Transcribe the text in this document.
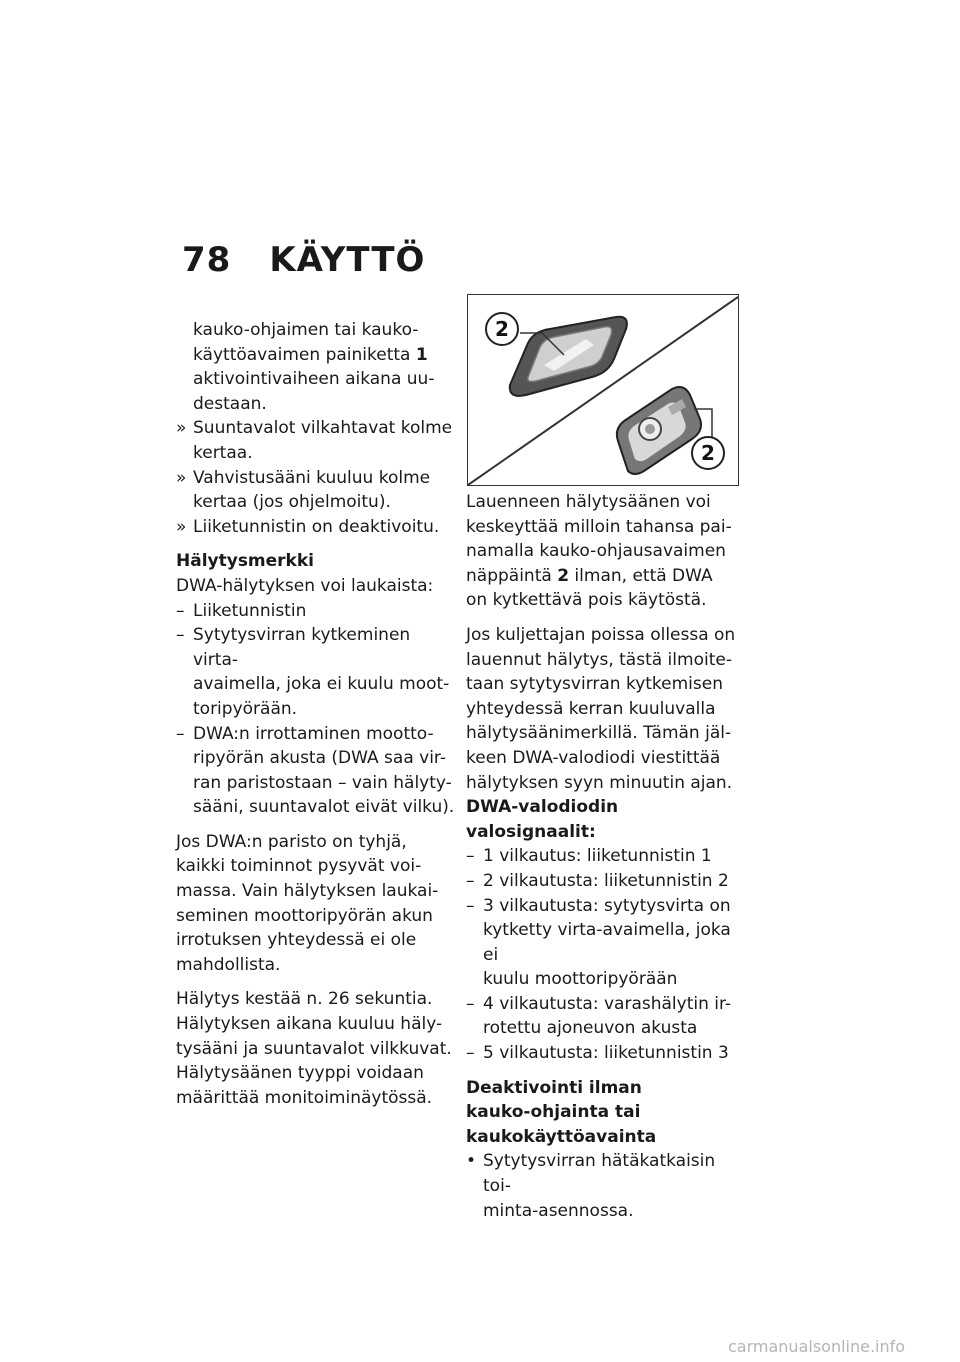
78 KÄYTTÖ

kauko-ohjaimen tai kauko-
käyttöavaimen painiketta 1
aktivointivaiheen aikana uu-
destaan.

» Suuntavalot vilkahtavat kolme
kertaa.
» Vahvistusääni kuuluu kolme
kertaa (jos ohjelmoitu).
» Liiketunnistin on deaktivoitu.

Hälytysmerkki

DWA-hälytyksen voi laukaista:

– Liiketunnistin
– Sytytysvirran kytkeminen virta-
avaimella, joka ei kuulu moot-
toripyörään.
– DWA:n irrottaminen mootto-
ripyörän akusta (DWA saa vir-
ran paristostaan – vain hälyty-
sääni, suuntavalot eivät vilku).

Jos DWA:n paristo on tyhjä,
kaikki toiminnot pysyvät voi-
massa. Vain hälytyksen laukai-
seminen moottoripyörän akun
irrotuksen yhteydessä ei ole
mahdollista.

Hälytys kestää n. 26 sekuntia.
Hälytyksen aikana kuuluu häly-
tysääni ja suuntavalot vilkkuvat.
Hälytysäänen tyyppi voidaan
määrittää monitoiminäytössä.

2
2

Lauenneen hälytysäänen voi
keskeyttää milloin tahansa pai-
namalla kauko-ohjausavaimen
näppäintä 2 ilman, että DWA
on kytkettävä pois käytöstä.

Jos kuljettajan poissa ollessa on
lauennut hälytys, tästä ilmoite-
taan sytytysvirran kytkemisen
yhteydessä kerran kuuluvalla
hälytysäänimerkillä. Tämän jäl-
keen DWA-valodiodi viestittää
hälytyksen syyn minuutin ajan.

DWA-valodiodin valosignaalit:

– 1 vilkautus: liiketunnistin 1
– 2 vilkautusta: liiketunnistin 2
– 3 vilkautusta: sytytysvirta on
kytketty virta-avaimella, joka ei
kuulu moottoripyörään
– 4 vilkautusta: varashälytin ir-
rotettu ajoneuvon akusta
– 5 vilkautusta: liiketunnistin 3

Deaktivointi ilman
kauko-ohjainta tai
kaukokäyttöavainta

• Sytytysvirran hätäkatkaisin toi-
minta-asennossa.
carmanualsonline.info
